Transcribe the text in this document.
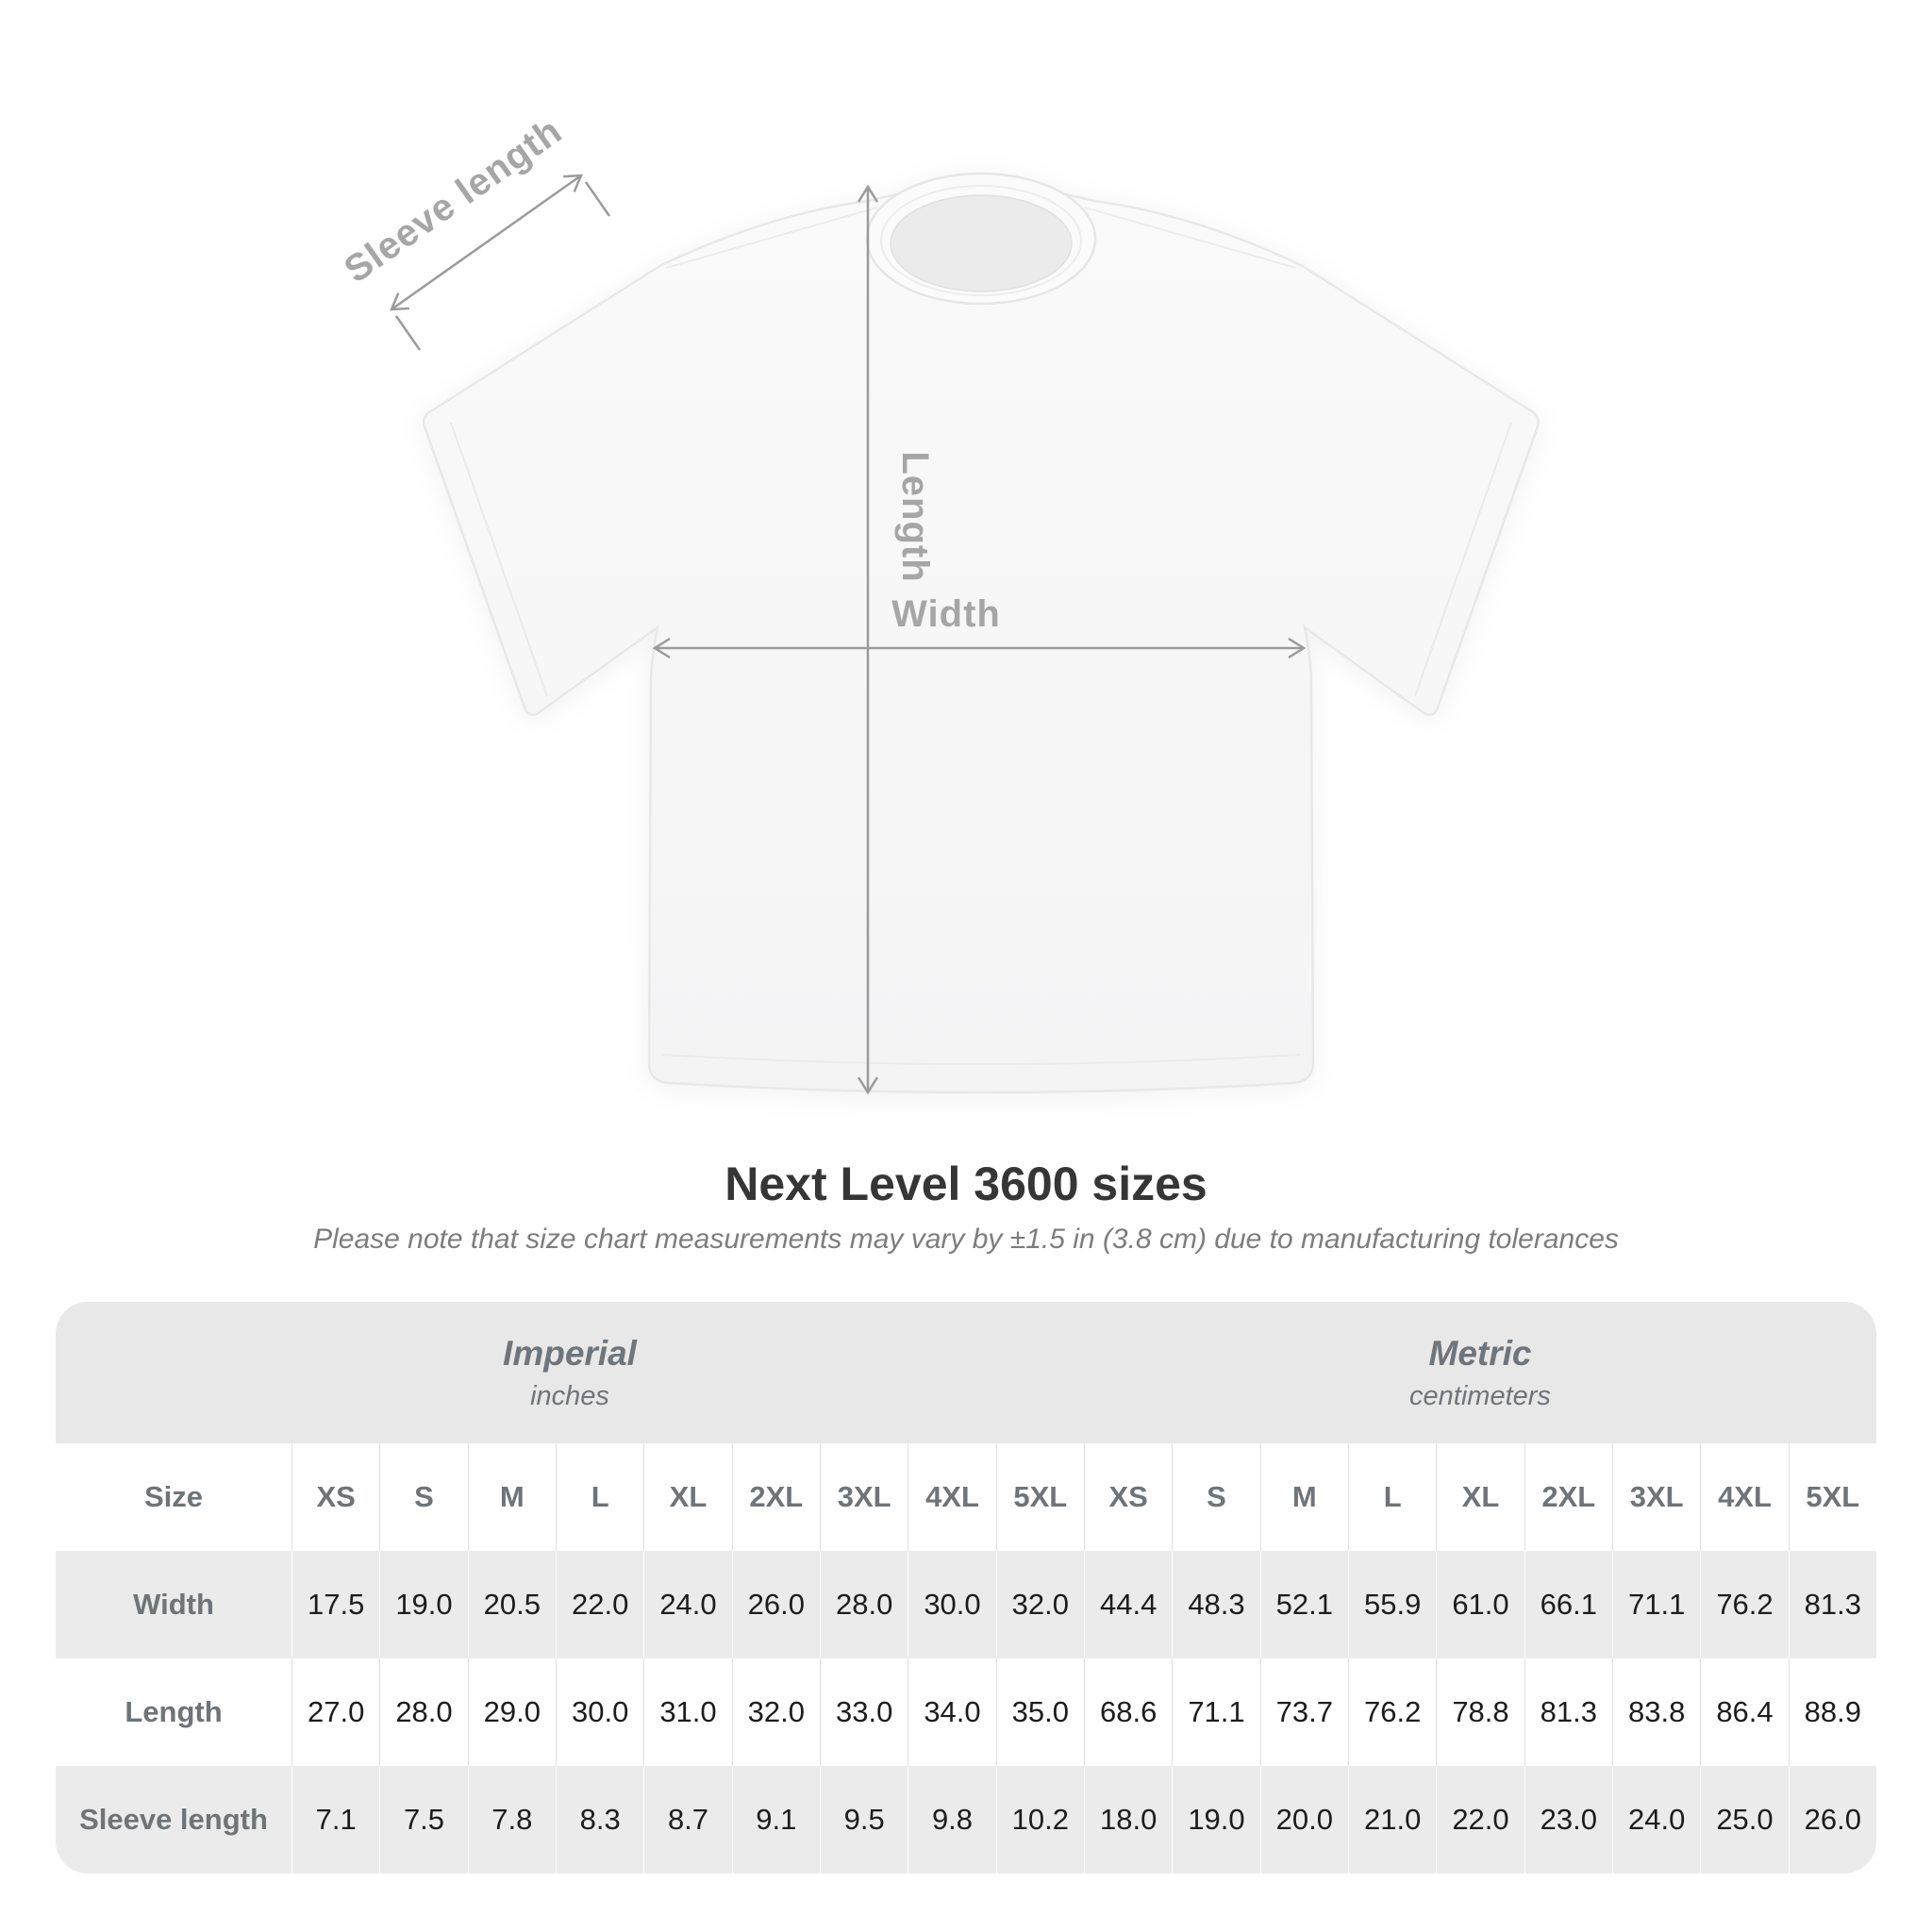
Sleeve length
Length
Width
Next Level 3600 sizes

Please note that size chart measurements may vary by ±1.5 in (3.8 cm) due to manufacturing tolerances

Imperial
inches
Metric
centimeters
Size	XS	S	M	L	XL	2XL	3XL	4XL	5XL	XS	S	M	L	XL	2XL	3XL	4XL	5XL
Width	17.5	19.0	20.5	22.0	24.0	26.0	28.0	30.0	32.0	44.4	48.3	52.1	55.9	61.0	66.1	71.1	76.2	81.3
Length	27.0	28.0	29.0	30.0	31.0	32.0	33.0	34.0	35.0	68.6	71.1	73.7	76.2	78.8	81.3	83.8	86.4	88.9
Sleeve length	7.1	7.5	7.8	8.3	8.7	9.1	9.5	9.8	10.2	18.0	19.0	20.0	21.0	22.0	23.0	24.0	25.0	26.0
